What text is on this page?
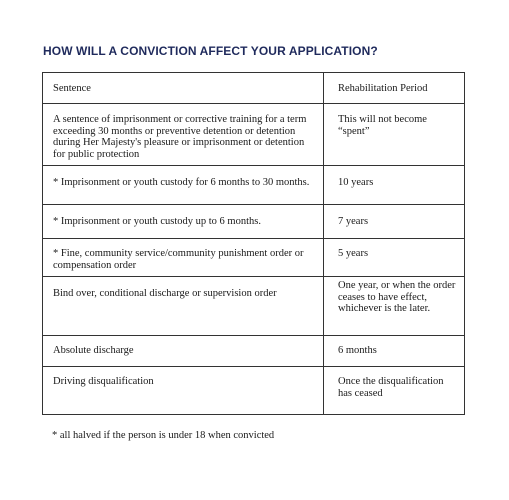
HOW WILL A CONVICTION AFFECT YOUR APPLICATION?
Sentence	Rehabilitation Period
A sentence of imprisonment or corrective training for a term exceeding 30 months or preventive detention or detention during Her Majesty's pleasure or imprisonment or detention for public protection	This will not become “spent”
* Imprisonment or youth custody for 6 months to 30 months.	10 years
* Imprisonment or youth custody up to 6 months.	7 years
* Fine, community service/community punishment order or compensation order	5 years
Bind over, conditional discharge or supervision order	One year, or when the order ceases to have effect, whichever is the later.
Absolute discharge	6 months
Driving disqualification	Once the disqualification has ceased
* all halved if the person is under 18 when convicted
